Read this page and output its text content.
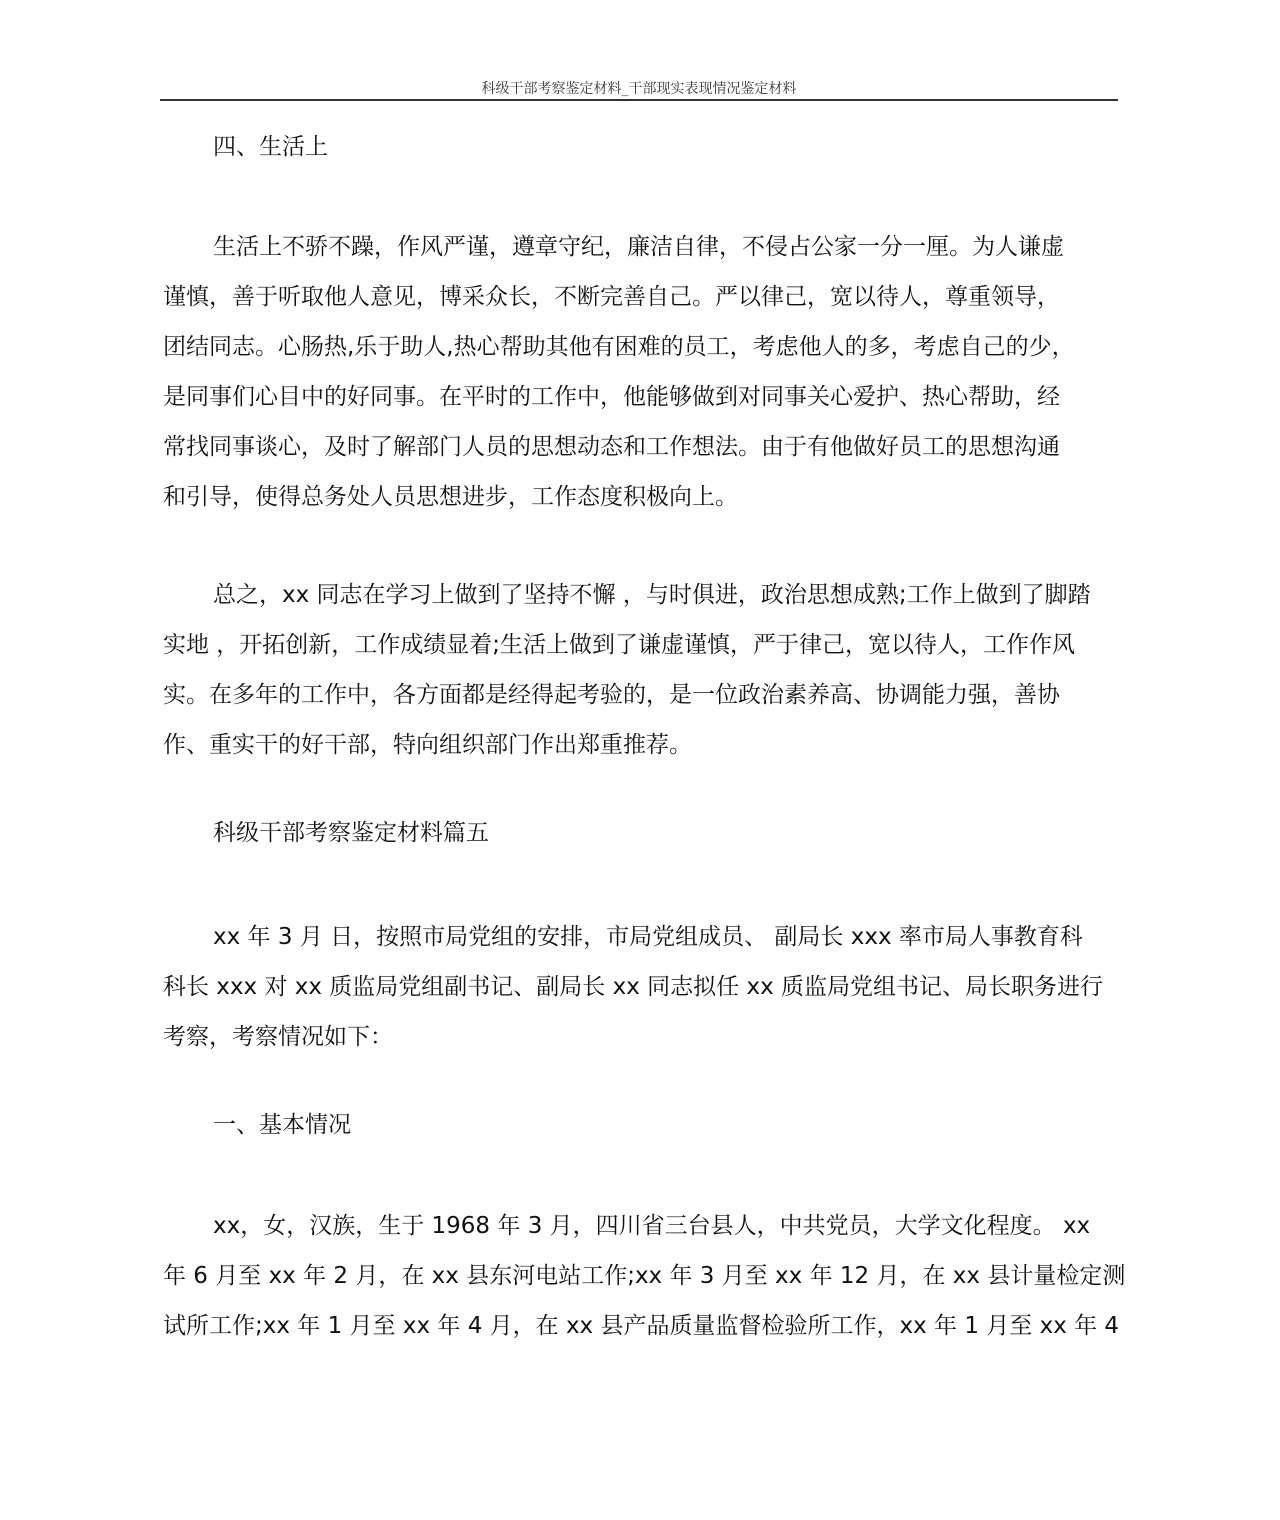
科级干部考察鉴定材料_干部现实表现情况鉴定材料
四、生活上
生活上不骄不躁，作风严谨，遵章守纪，廉洁自律，不侵占公家一分一厘。为人谦虚
谨慎，善于听取他人意见，博采众长，不断完善自己。严以律己，宽以待人，尊重领导，
团结同志。心肠热,乐于助人,热心帮助其他有困难的员工，考虑他人的多，考虑自己的少，
是同事们心目中的好同事。在平时的工作中，他能够做到对同事关心爱护、热心帮助，经
常找同事谈心，及时了解部门人员的思想动态和工作想法。由于有他做好员工的思想沟通
和引导，使得总务处人员思想进步，工作态度积极向上。
总之，xx 同志在学习上做到了坚持不懈 ，与时俱进，政治思想成熟;工作上做到了脚踏
实地 ，开拓创新，工作成绩显着;生活上做到了谦虚谨慎，严于律己，宽以待人，工作作风
实。在多年的工作中，各方面都是经得起考验的，是一位政治素养高、协调能力强，善协
作、重实干的好干部，特向组织部门作出郑重推荐。
科级干部考察鉴定材料篇五
xx 年 3 月 日，按照市局党组的安排，市局党组成员、 副局长 xxx 率市局人事教育科
科长 xxx 对 xx 质监局党组副书记、副局长 xx 同志拟任 xx 质监局党组书记、局长职务进行
考察，考察情况如下：
一、基本情况
xx，女，汉族，生于 1968 年 3 月，四川省三台县人，中共党员，大学文化程度。 xx
年 6 月至 xx 年 2 月，在 xx 县东河电站工作;xx 年 3 月至 xx 年 12 月，在 xx 县计量检定测
试所工作;xx 年 1 月至 xx 年 4 月，在 xx 县产品质量监督检验所工作，xx 年 1 月至 xx 年 4
